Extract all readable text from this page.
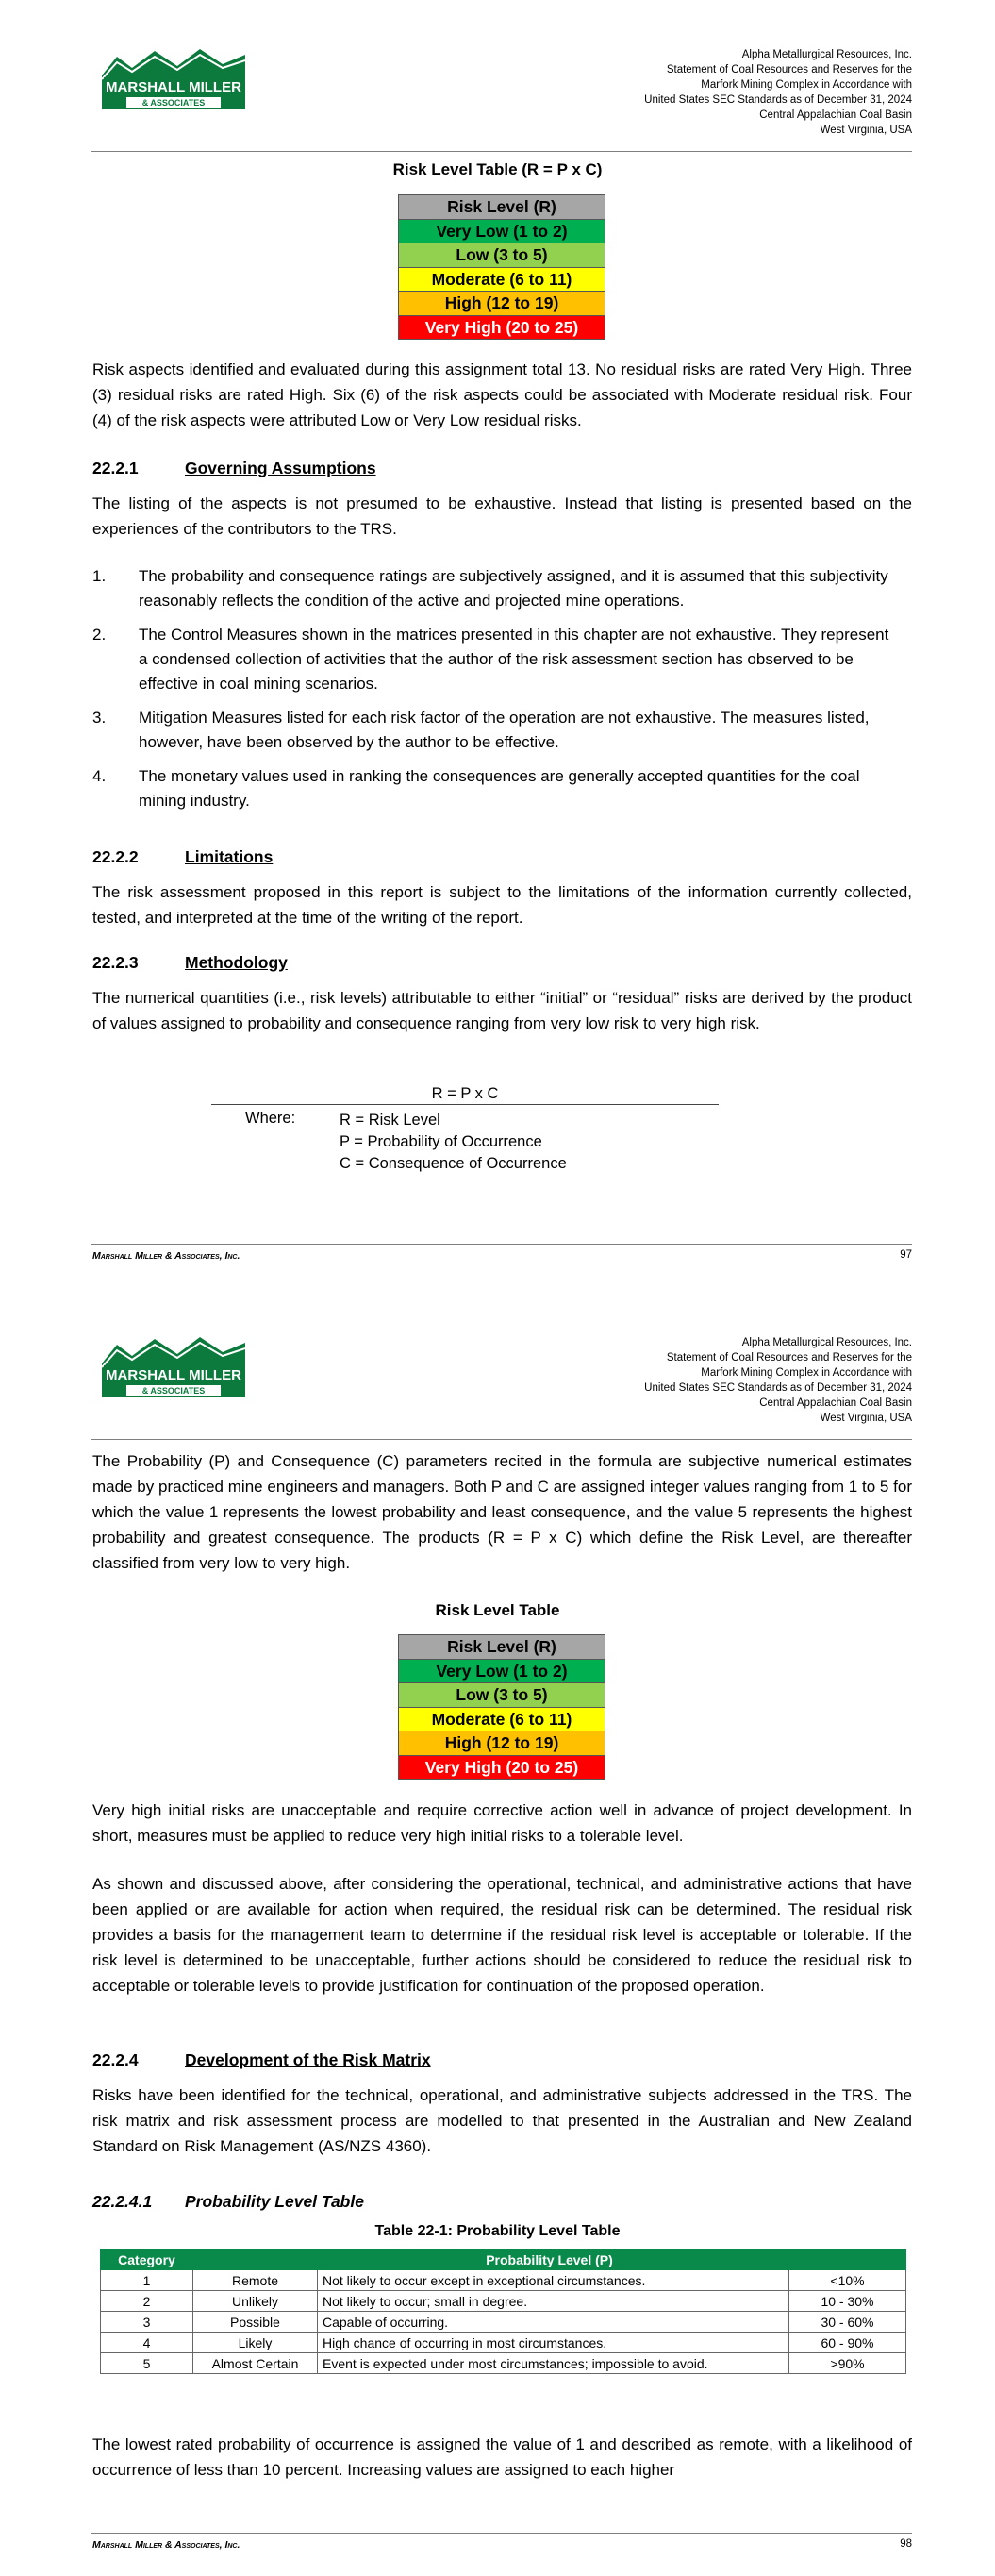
MARSHALL MILLER
& ASSOCIATES
Alpha Metallurgical Resources, Inc.
Statement of Coal Resources and Reserves for the
Marfork Mining Complex in Accordance with
United States SEC Standards as of December 31, 2024
Central Appalachian Coal Basin
West Virginia, USA
Risk Level Table (R = P x C)
Risk Level (R)
Very Low (1 to 2)
Low (3 to 5)
Moderate (6 to 11)
High (12 to 19)
Very High (20 to 25)

Risk aspects identified and evaluated during this assignment total 13. No residual risks are rated Very High. Three (3) residual risks are rated High. Six (6) of the risk aspects could be associated with Moderate residual risk. Four (4) of the risk aspects were attributed Low or Very Low residual risks.

22.2.1	Governing Assumptions

The listing of the aspects is not presumed to be exhaustive. Instead that listing is presented based on the experiences of the contributors to the TRS.

1. The probability and consequence ratings are subjectively assigned, and it is assumed that this subjectivity reasonably reflects the condition of the active and projected mine operations.
2. The Control Measures shown in the matrices presented in this chapter are not exhaustive. They represent a condensed collection of activities that the author of the risk assessment section has observed to be effective in coal mining scenarios.
3. Mitigation Measures listed for each risk factor of the operation are not exhaustive. The measures listed, however, have been observed by the author to be effective.
4. The monetary values used in ranking the consequences are generally accepted quantities for the coal mining industry.
22.2.2	Limitations

The risk assessment proposed in this report is subject to the limitations of the information currently collected, tested, and interpreted at the time of the writing of the report.

22.2.3	Methodology

The numerical quantities (i.e., risk levels) attributable to either “initial” or “residual” risks are derived by the product of values assigned to probability and consequence ranging from very low risk to very high risk.

R = P x C
Where:	R = Risk Level
P = Probability of Occurrence
C = Consequence of Occurrence
Marshall Miller & Associates, Inc.	97
MARSHALL MILLER
& ASSOCIATES
Alpha Metallurgical Resources, Inc.
Statement of Coal Resources and Reserves for the
Marfork Mining Complex in Accordance with
United States SEC Standards as of December 31, 2024
Central Appalachian Coal Basin
West Virginia, USA

The Probability (P) and Consequence (C) parameters recited in the formula are subjective numerical estimates made by practiced mine engineers and managers. Both P and C are assigned integer values ranging from 1 to 5 for which the value 1 represents the lowest probability and least consequence, and the value 5 represents the highest probability and greatest consequence. The products (R = P x C) which define the Risk Level, are thereafter classified from very low to very high.

Risk Level Table
Risk Level (R)
Very Low (1 to 2)
Low (3 to 5)
Moderate (6 to 11)
High (12 to 19)
Very High (20 to 25)

Very high initial risks are unacceptable and require corrective action well in advance of project development. In short, measures must be applied to reduce very high initial risks to a tolerable level.

As shown and discussed above, after considering the operational, technical, and administrative actions that have been applied or are available for action when required, the residual risk can be determined. The residual risk provides a basis for the management team to determine if the residual risk level is acceptable or tolerable. If the risk level is determined to be unacceptable, further actions should be considered to reduce the residual risk to acceptable or tolerable levels to provide justification for continuation of the proposed operation.

22.2.4	Development of the Risk Matrix

Risks have been identified for the technical, operational, and administrative subjects addressed in the TRS. The risk matrix and risk assessment process are modelled to that presented in the Australian and New Zealand Standard on Risk Management (AS/NZS 4360).

22.2.4.1 Probability Level Table
Table 22-1: Probability Level Table
Category	Probability Level (P)		
1	Remote	Not likely to occur except in exceptional circumstances.	<10%
2	Unlikely	Not likely to occur; small in degree.	10 - 30%
3	Possible	Capable of occurring.	30 - 60%
4	Likely	High chance of occurring in most circumstances.	60 - 90%
5	Almost Certain	Event is expected under most circumstances; impossible to avoid.	>90%

The lowest rated probability of occurrence is assigned the value of 1 and described as remote, with a likelihood of occurrence of less than 10 percent. Increasing values are assigned to each higher

Marshall Miller & Associates, Inc.	98
